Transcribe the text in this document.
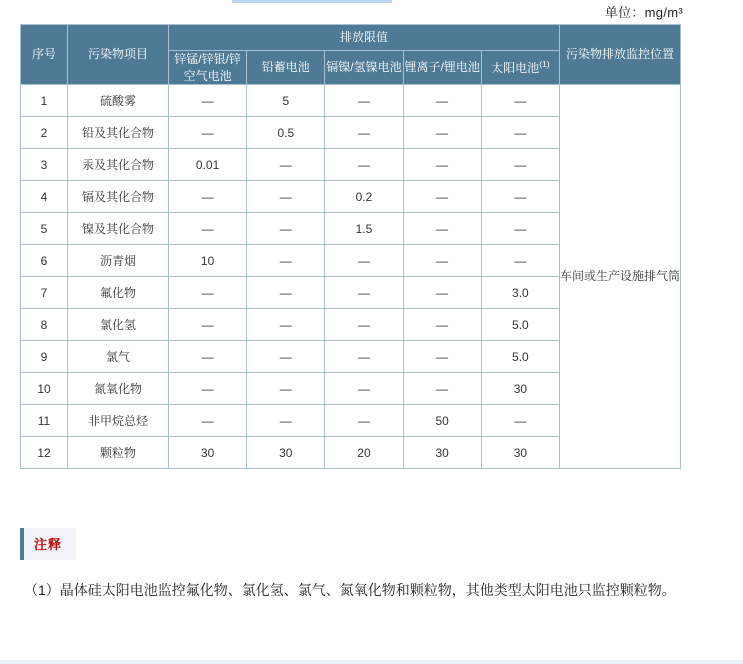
单位：mg/m³
序号	污染物项目	排放限值					污染物排放监控位置
		锌锰/锌银/锌空气电池	铅蓄电池	镉镍/氢镍电池	锂离子/锂电池	太阳电池$^{(1)}$
1	硫酸雾	—	5	—	—	—	车间或生产设施排气筒
2	铅及其化合物	—	0.5	—	—	—	
3	汞及其化合物	0.01	—	—	—	—	
4	镉及其化合物	—	—	0.2	—	—	
5	镍及其化合物	—	—	1.5	—	—	
6	沥青烟	10	—	—	—	—	
7	氟化物	—	—	—	—	3.0	
8	氯化氢	—	—	—	—	5.0	
9	氯气	—	—	—	—	5.0	
10	氮氧化物	—	—	—	—	30	
11	非甲烷总烃	—	—	—	50	—	
12	颗粒物	30	30	20	30	30	
注释
（1）晶体硅太阳电池监控氟化物、氯化氢、氯气、氮氧化物和颗粒物，其他类型太阳电池只监控颗粒物。
